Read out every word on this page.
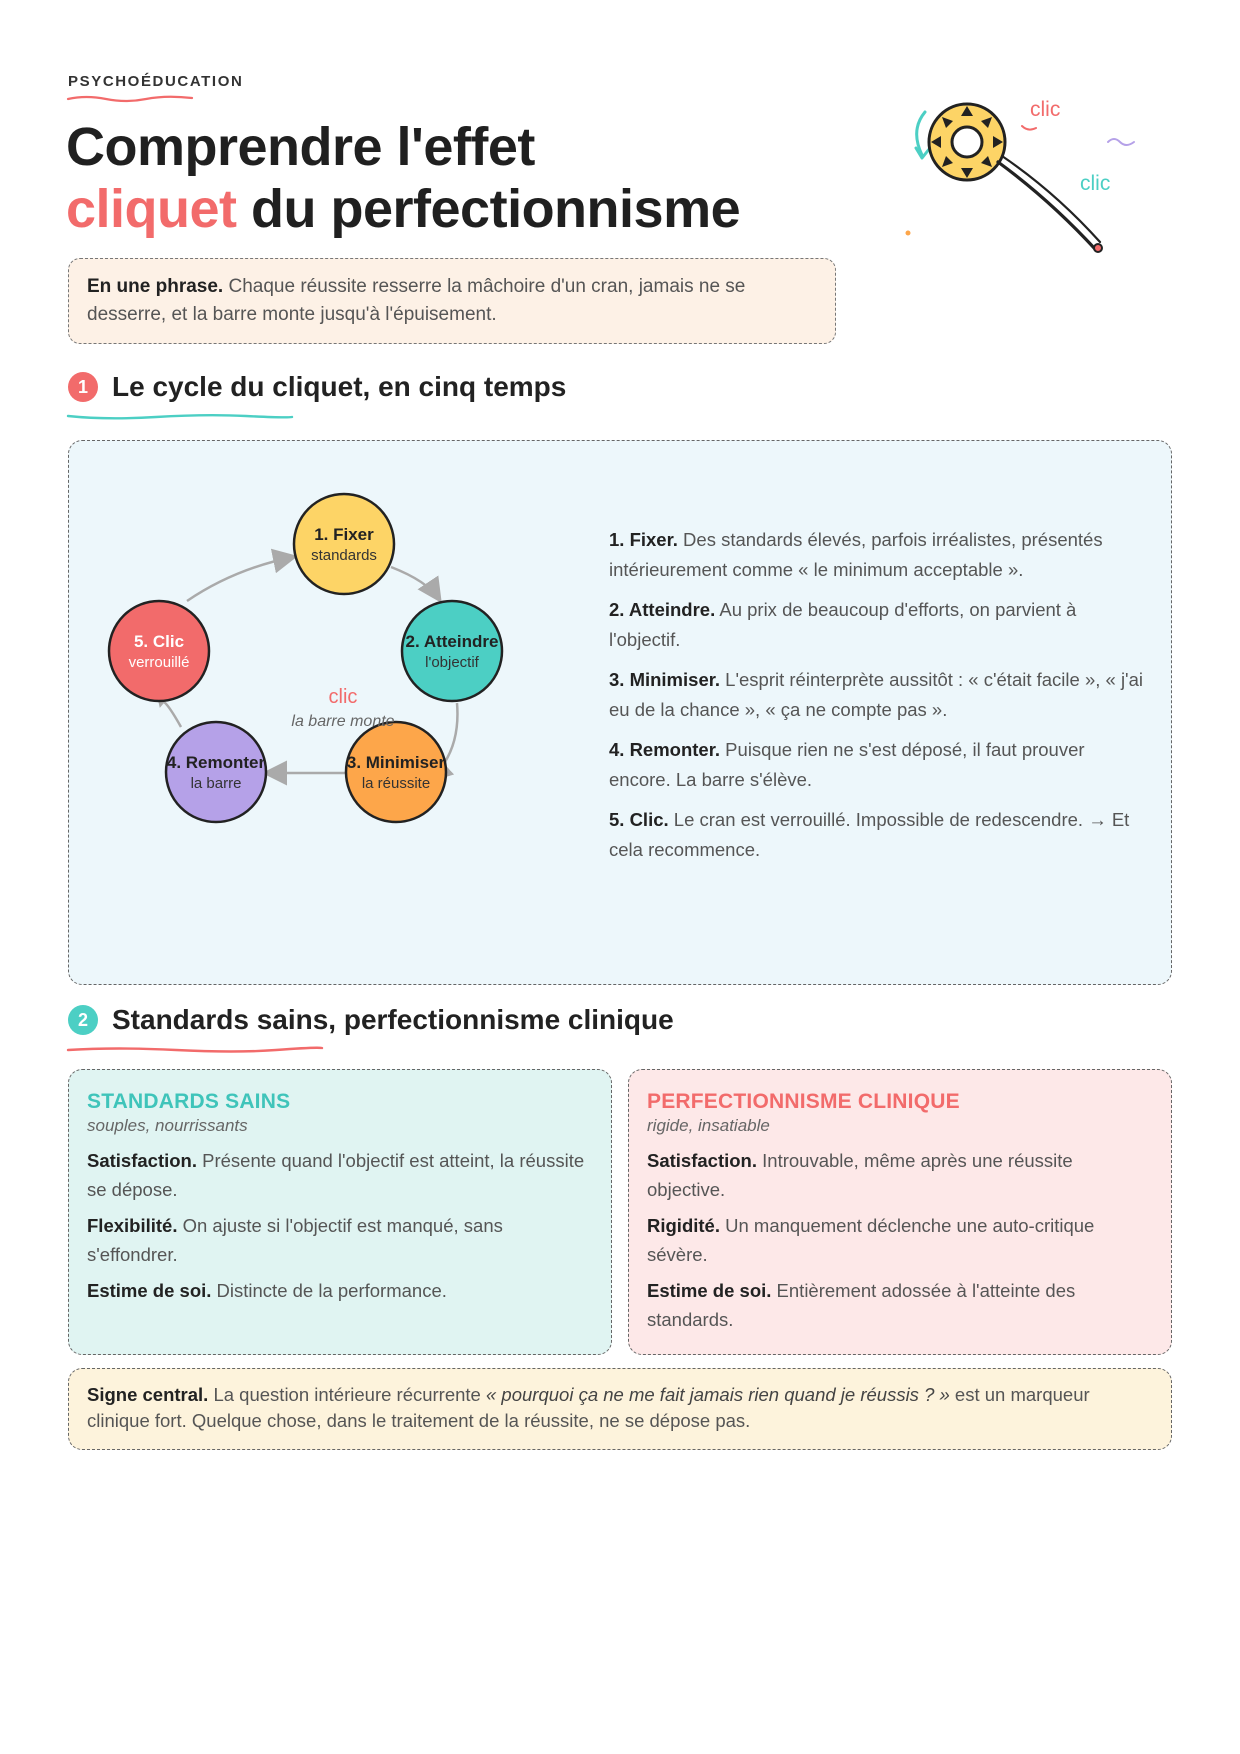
PSYCHOÉDUCATION
Comprendre l'effet
cliquet du perfectionnisme
clic
clic
En une phrase. Chaque réussite resserre la mâchoire d'un cran, jamais ne se desserre, et la barre monte jusqu'à l'épuisement.
1 Le cycle du cliquet, en cinq temps
1. Fixer
standards
2. Atteindre
l'objectif
3. Minimiser
la réussite
4. Remonter
la barre
5. Clic
verrouillé
clic
la barre monte

1. Fixer. Des standards élevés, parfois irréalistes, présentés intérieurement comme « le minimum acceptable ».

2. Atteindre. Au prix de beaucoup d'efforts, on parvient à l'objectif.

3. Minimiser. L'esprit réinterprète aussitôt : « c'était facile », « j'ai eu de la chance », « ça ne compte pas ».

4. Remonter. Puisque rien ne s'est déposé, il faut prouver encore. La barre s'élève.

5. Clic. Le cran est verrouillé. Impossible de redescendre. → Et cela recommence.

2 Standards sains, perfectionnisme clinique
STANDARDS SAINS
souples, nourrissants

Satisfaction. Présente quand l'objectif est atteint, la réussite se dépose.

Flexibilité. On ajuste si l'objectif est manqué, sans s'effondrer.

Estime de soi. Distincte de la performance.

PERFECTIONNISME CLINIQUE
rigide, insatiable

Satisfaction. Introuvable, même après une réussite objective.

Rigidité. Un manquement déclenche une auto-critique sévère.

Estime de soi. Entièrement adossée à l'atteinte des standards.

Signe central. La question intérieure récurrente « pourquoi ça ne me fait jamais rien quand je réussis ? » est un marqueur clinique fort. Quelque chose, dans le traitement de la réussite, ne se dépose pas.
